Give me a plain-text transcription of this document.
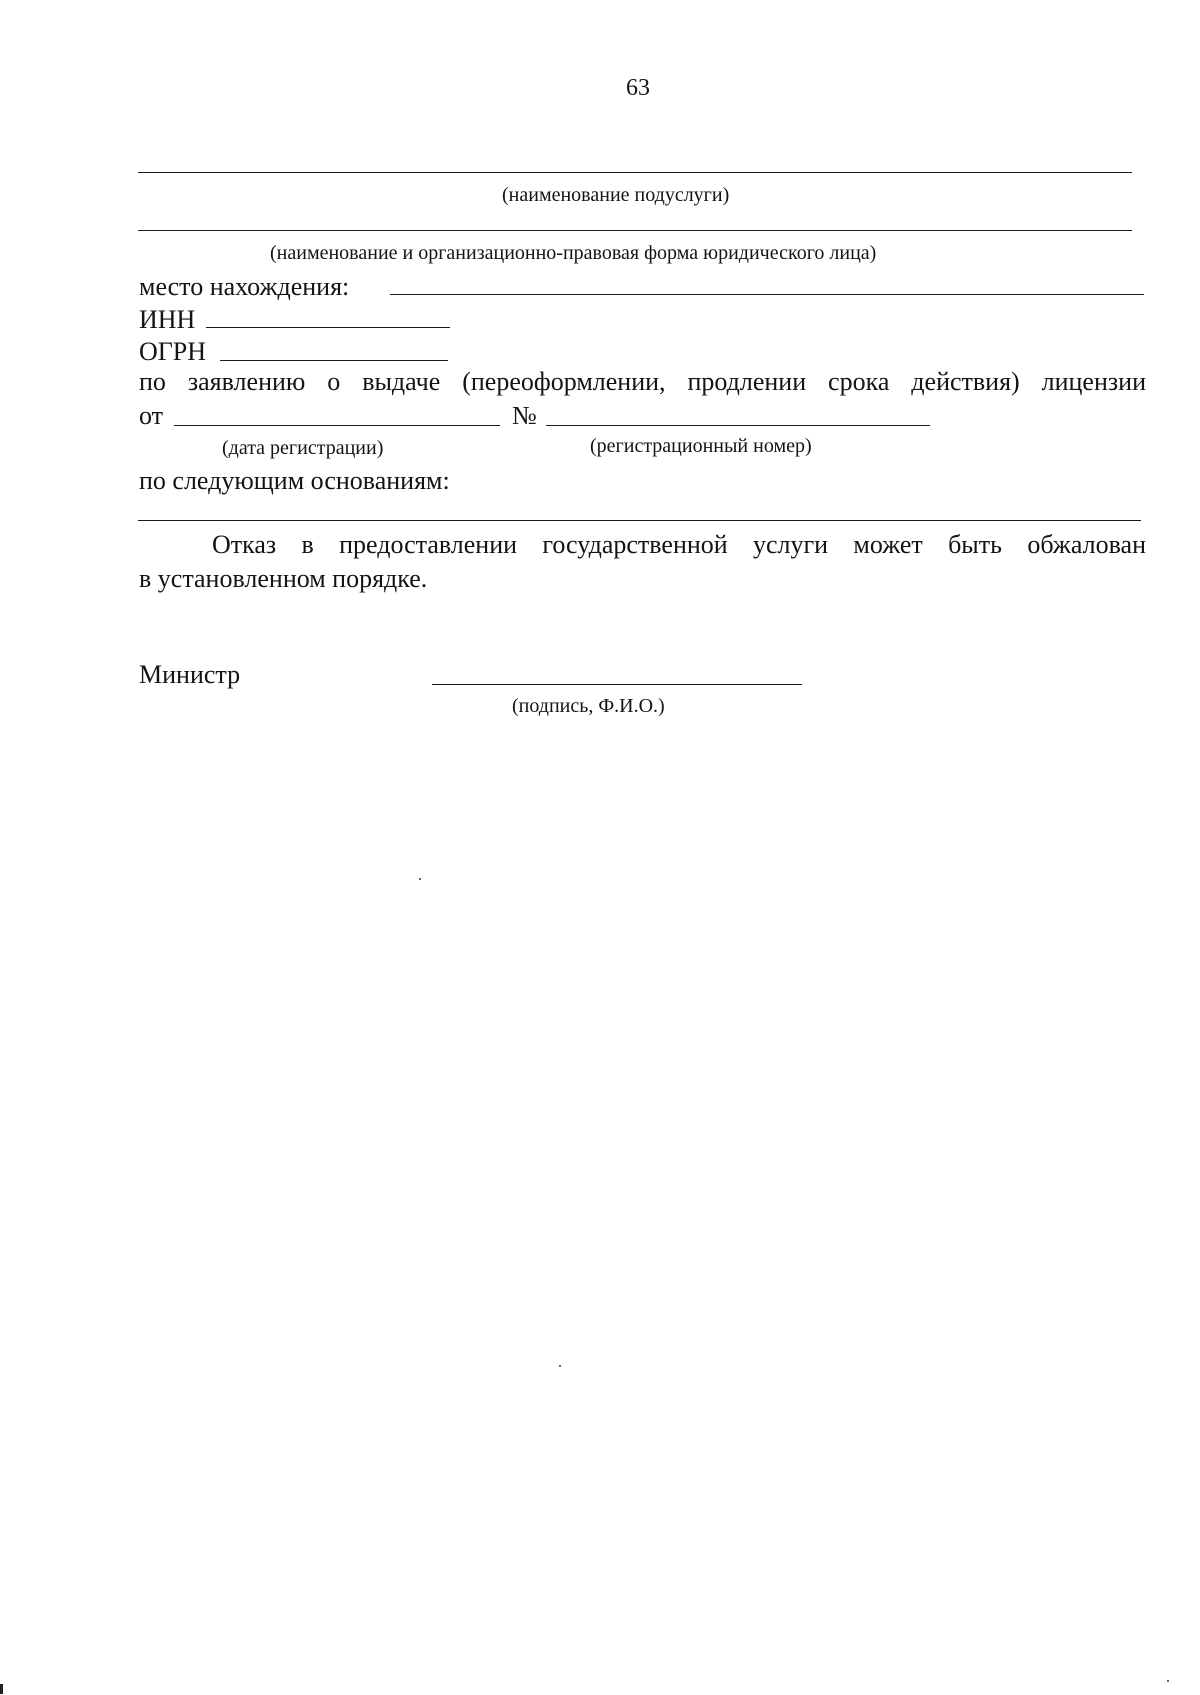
63
(наименование подуслуги)
(наименование и организационно-правовая форма юридического лица)
место нахождения:
ИНН
ОГРН
по заявлению о выдаче (переоформлении, продлении срока действия) лицензии
от	№
(дата регистрации)	(регистрационный номер)
по следующим основаниям:
Отказ в предоставлении государственной услуги может быть обжалован
в установленном порядке.
Министр
(подпись, Ф.И.О.)
